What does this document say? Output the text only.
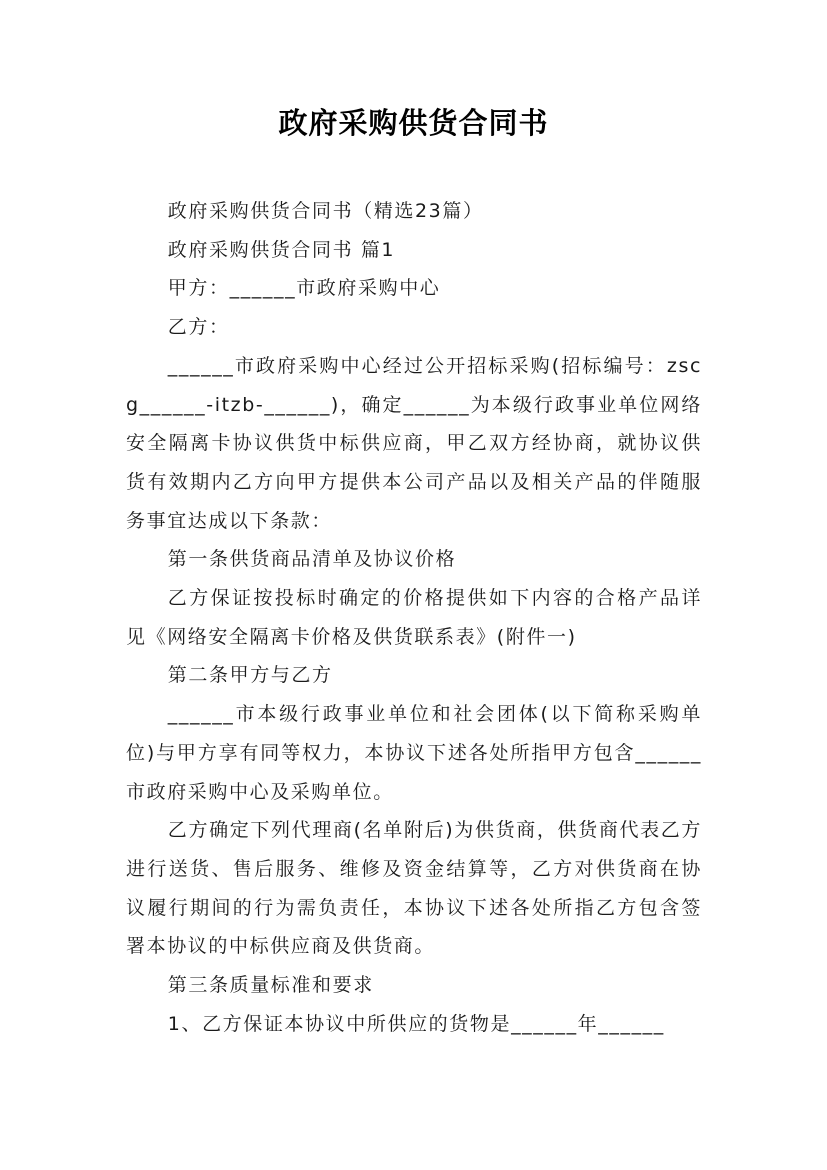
政府采购供货合同书

政府采购供货合同书（精选23篇）

政府采购供货合同书 篇1

甲方：______市政府采购中心

乙方：

______市政府采购中心经过公开招标采购(招标编号：zscg______-itzb-______)，确定______为本级行政事业单位网络安全隔离卡协议供货中标供应商，甲乙双方经协商，就协议供货有效期内乙方向甲方提供本公司产品以及相关产品的伴随服务事宜达成以下条款：

第一条供货商品清单及协议价格

乙方保证按投标时确定的价格提供如下内容的合格产品详见《网络安全隔离卡价格及供货联系表》(附件一)

第二条甲方与乙方

______市本级行政事业单位和社会团体(以下简称采购单位)与甲方享有同等权力，本协议下述各处所指甲方包含______市政府采购中心及采购单位。

乙方确定下列代理商(名单附后)为供货商，供货商代表乙方进行送货、售后服务、维修及资金结算等，乙方对供货商在协议履行期间的行为需负责任，本协议下述各处所指乙方包含签署本协议的中标供应商及供货商。

第三条质量标准和要求

1、乙方保证本协议中所供应的货物是______年______
